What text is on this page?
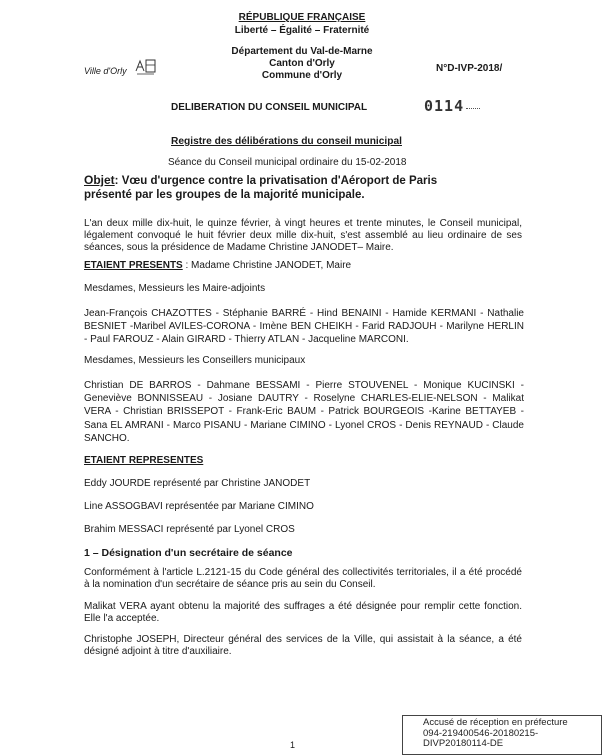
RÉPUBLIQUE FRANÇAISE
Liberté – Égalité – Fraternité
Département du Val-de-Marne
Canton d'Orly
Commune d'Orly
Ville d'Orly	N°D-IVP-2018/
DELIBERATION DU CONSEIL MUNICIPAL	0114
Registre des délibérations du conseil municipal
Séance du Conseil municipal ordinaire du 15-02-2018
Objet: Vœu d'urgence contre la privatisation d'Aéroport de Paris
présenté par les groupes de la majorité municipale.

L'an deux mille dix-huit, le quinze février, à vingt heures et trente minutes, le Conseil municipal, légalement convoqué le huit février deux mille dix-huit, s'est assemblé au lieu ordinaire de ses séances, sous la présidence de Madame Christine JANODET– Maire.

ETAIENT PRESENTS : Madame Christine JANODET, Maire
Mesdames, Messieurs les Maire-adjoints

Jean-François CHAZOTTES - Stéphanie BARRÉ - Hind BENAINI - Hamide KERMANI - Nathalie BESNIET -Maribel AVILES-CORONA - Imène BEN CHEIKH - Farid RADJOUH - Marilyne HERLIN - Paul FAROUZ - Alain GIRARD - Thierry ATLAN - Jacqueline MARCONI.

Mesdames, Messieurs les Conseillers municipaux

Christian DE BARROS - Dahmane BESSAMI - Pierre STOUVENEL - Monique KUCINSKI - Geneviève BONNISSEAU - Josiane DAUTRY - Roselyne CHARLES-ELIE-NELSON - Malikat VERA - Christian BRISSEPOT - Frank-Eric BAUM - Patrick BOURGEOIS -Karine BETTAYEB - Sana EL AMRANI - Marco PISANU - Mariane CIMINO - Lyonel CROS - Denis REYNAUD - Claude SANCHO.

ETAIENT REPRESENTES
Eddy JOURDE représenté par Christine JANODET
Line ASSOGBAVI représentée par Mariane CIMINO
Brahim MESSACI représenté par Lyonel CROS
1 – Désignation d'un secrétaire de séance

Conformément à l'article L.2121-15 du Code général des collectivités territoriales, il a été procédé à la nomination d'un secrétaire de séance pris au sein du Conseil.

Malikat VERA ayant obtenu la majorité des suffrages a été désignée pour remplir cette fonction. Elle l'a acceptée.

Christophe JOSEPH, Directeur général des services de la Ville, qui assistait à la séance, a été désigné adjoint à titre d'auxiliaire.

1
Accusé de réception en préfecture
094-219400546-20180215-
DIVP20180114-DE
